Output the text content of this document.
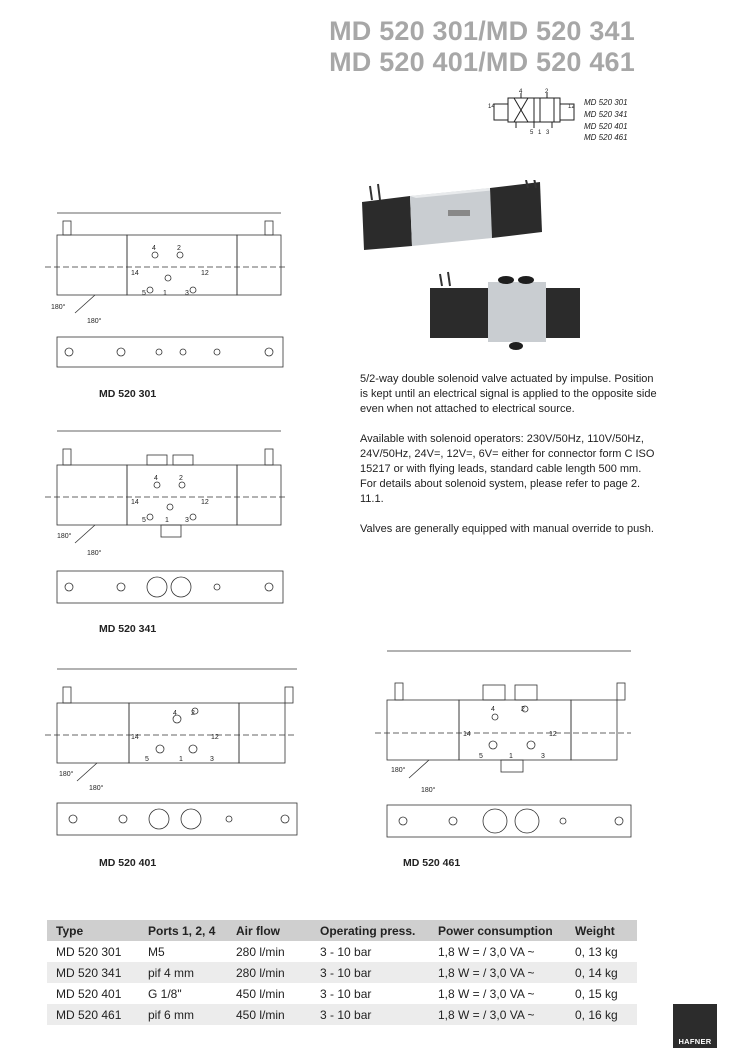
MD 520 301/MD 520 341
MD 520 401/MD 520 461
14
4	2
12
5 1 3
MD 520 301
MD 520 341
MD 520 401
MD 520 461
14
4	2
12
5 1	3
180°
180°
MD 520 301
14
4	2
12
5	1 3
180°
180°
MD 520 341
14
4 2
12
5	1	3
180°
180°
MD 520 401
14
4	2
12
5	1	3
180°
180°
MD 520 461

5/2-way double solenoid valve actuated by impulse. Position is kept until an electrical signal is applied to the opposite side even when not attached to electrical source.

Available with solenoid operators: 230V/50Hz, 110V/50Hz, 24V/50Hz, 24V=, 12V=, 6V= either for connector form C ISO 15217 or with flying leads, standard cable length 500 mm. For details about solenoid system, please refer to page 2. 11.1.

Valves are generally equipped with manual override to push.

Type	Ports 1, 2, 4	Air flow	Operating press.	Power consumption	Weight
MD 520 301	M5	280 l/min	3 - 10 bar	1,8 W = / 3,0 VA ~	0, 13 kg
MD 520 341	pif 4 mm	280 l/min	3 - 10 bar	1,8 W = / 3,0 VA ~	0, 14 kg
MD 520 401	G 1/8"	450 l/min	3 - 10 bar	1,8 W = / 3,0 VA ~	0, 15 kg
MD 520 461	pif 6 mm	450 l/min	3 - 10 bar	1,8 W = / 3,0 VA ~	0, 16 kg
HAFNER
